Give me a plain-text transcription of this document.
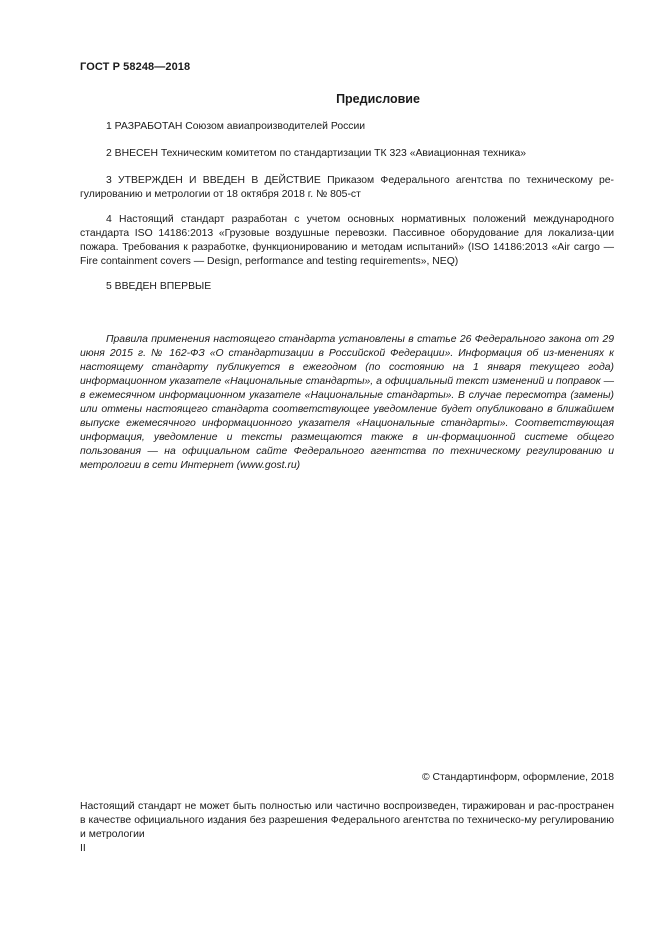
ГОСТ Р 58248—2018
Предисловие
1 РАЗРАБОТАН Союзом авиапроизводителей России
2 ВНЕСЕН Техническим комитетом по стандартизации ТК 323 «Авиационная техника»
3 УТВЕРЖДЕН И ВВЕДЕН В ДЕЙСТВИЕ Приказом Федерального агентства по техническому ре-гулированию и метрологии от 18 октября 2018 г. № 805-ст
4 Настоящий стандарт разработан с учетом основных нормативных положений международного стандарта ISO 14186:2013 «Грузовые воздушные перевозки. Пассивное оборудование для локализа-ции пожара. Требования к разработке, функционированию и методам испытаний» (ISO 14186:2013 «Air cargo — Fire containment covers — Design, performance and testing requirements», NEQ)
5 ВВЕДЕН ВПЕРВЫЕ
Правила применения настоящего стандарта установлены в статье 26 Федерального закона от 29 июня 2015 г. № 162-ФЗ «О стандартизации в Российской Федерации». Информация об из-менениях к настоящему стандарту публикуется в ежегодном (по состоянию на 1 января текущего года) информационном указателе «Национальные стандарты», а официальный текст изменений и поправок — в ежемесячном информационном указателе «Национальные стандарты». В случае пересмотра (замены) или отмены настоящего стандарта соответствующее уведомление будет опубликовано в ближайшем выпуске ежемесячного информационного указателя «Национальные стандарты». Соответствующая информация, уведомление и тексты размещаются также в ин-формационной системе общего пользования — на официальном сайте Федерального агентства по техническому регулированию и метрологии в сети Интернет (www.gost.ru)
© Стандартинформ, оформление, 2018
Настоящий стандарт не может быть полностью или частично воспроизведен, тиражирован и рас-пространен в качестве официального издания без разрешения Федерального агентства по техническо-му регулированию и метрологии
II
